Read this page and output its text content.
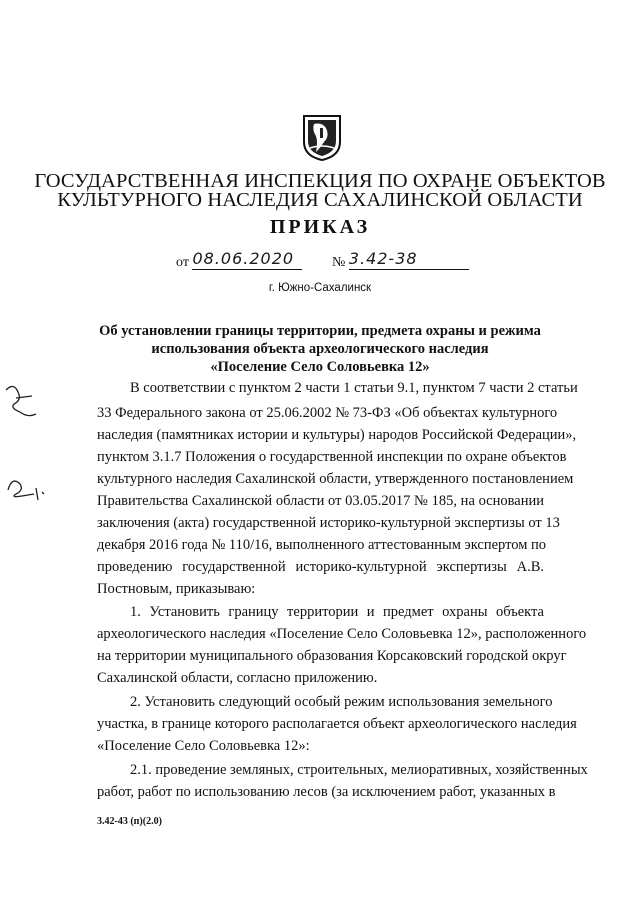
ГОСУДАРСТВЕННАЯ ИНСПЕКЦИЯ ПО ОХРАНЕ ОБЪЕКТОВ
КУЛЬТУРНОГО НАСЛЕДИЯ САХАЛИНСКОЙ ОБЛАСТИ
ПРИКАЗ
от 08.06.2020	№ 3.42-38
г. Южно-Сахалинск
Об установлении границы территории, предмета охраны и режима
использования объекта археологического наследия
«Поселение Село Соловьевка 12»
В соответствии с пунктом 2 части 1 статьи 9.1, пунктом 7 части 2 статьи
33 Федерального закона от 25.06.2002 № 73-ФЗ «Об объектах культурного
наследия (памятниках истории и культуры) народов Российской Федерации»,
пунктом 3.1.7 Положения о государственной инспекции по охране объектов
культурного наследия Сахалинской области, утвержденного постановлением
Правительства Сахалинской области от 03.05.2017 № 185, на основании
заключения (акта) государственной историко-культурной экспертизы от 13
декабря 2016 года № 110/16, выполненного аттестованным экспертом по
проведению государственной историко-культурной экспертизы А.В.
Постновым, приказываю:
1. Установить границу территории и предмет охраны объекта
археологического наследия «Поселение Село Соловьевка 12», расположенного
на территории муниципального образования Корсаковский городской округ
Сахалинской области, согласно приложению.
2. Установить следующий особый режим использования земельного
участка, в границе которого располагается объект археологического наследия
«Поселение Село Соловьевка 12»:
2.1. проведение земляных, строительных, мелиоративных, хозяйственных
работ, работ по использованию лесов (за исключением работ, указанных в
3.42-43 (п)(2.0)
